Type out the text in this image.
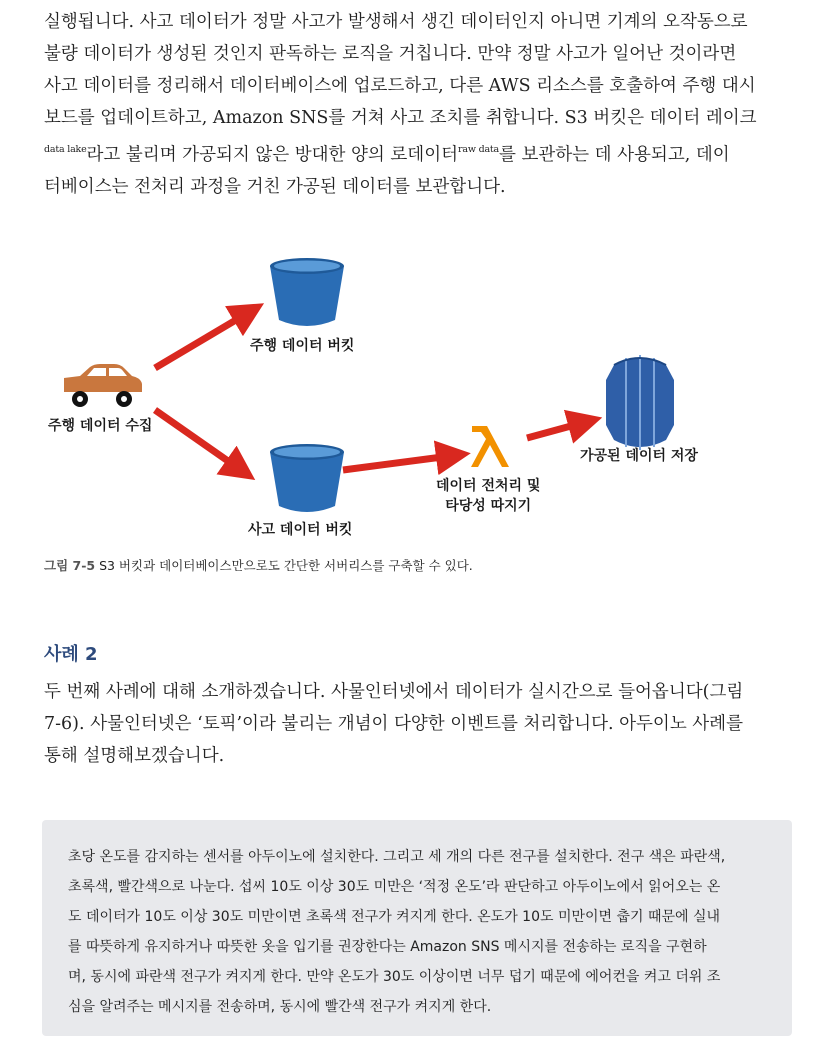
실행됩니다. 사고 데이터가 정말 사고가 발생해서 생긴 데이터인지 아니면 기계의 오작동으로
불량 데이터가 생성된 것인지 판독하는 로직을 거칩니다. 만약 정말 사고가 일어난 것이라면
사고 데이터를 정리해서 데이터베이스에 업로드하고, 다른 AWS 리소스를 호출하여 주행 대시
보드를 업데이트하고, Amazon SNS를 거쳐 사고 조치를 취합니다. S3 버킷은 데이터 레이크
$^{data lake}$라고 불리며 가공되지 않은 방대한 양의 로데이터$^{raw data}$를 보관하는 데 사용되고, 데이
터베이스는 전처리 과정을 거친 가공된 데이터를 보관합니다.
주행 데이터 버킷
주행 데이터 수집
사고 데이터 버킷
데이터 전처리 및
타당성 따지기
가공된 데이터 저장
그림 7-5 S3 버킷과 데이터베이스만으로도 간단한 서버리스를 구축할 수 있다.
사례 2
두 번째 사례에 대해 소개하겠습니다. 사물인터넷에서 데이터가 실시간으로 들어옵니다(그림
7-6). 사물인터넷은 ‘토픽’이라 불리는 개념이 다양한 이벤트를 처리합니다. 아두이노 사례를
통해 설명해보겠습니다.
초당 온도를 감지하는 센서를 아두이노에 설치한다. 그리고 세 개의 다른 전구를 설치한다. 전구 색은 파란색,
초록색, 빨간색으로 나눈다. 섭씨 10도 이상 30도 미만은 ‘적정 온도’라 판단하고 아두이노에서 읽어오는 온
도 데이터가 10도 이상 30도 미만이면 초록색 전구가 켜지게 한다. 온도가 10도 미만이면 춥기 때문에 실내
를 따뜻하게 유지하거나 따뜻한 옷을 입기를 권장한다는 Amazon SNS 메시지를 전송하는 로직을 구현하
며, 동시에 파란색 전구가 켜지게 한다. 만약 온도가 30도 이상이면 너무 덥기 때문에 에어컨을 켜고 더위 조
심을 알려주는 메시지를 전송하며, 동시에 빨간색 전구가 켜지게 한다.
